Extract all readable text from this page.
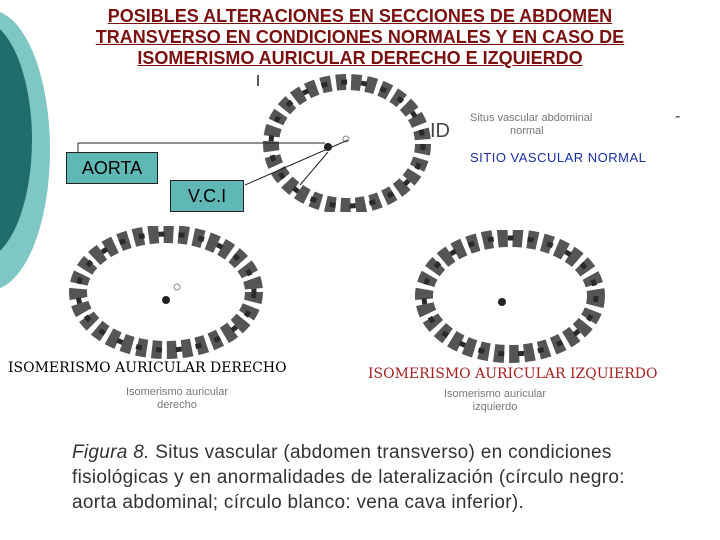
POSIBLES ALTERACIONES EN SECCIONES DE ABDOMEN
TRANSVERSO EN CONDICIONES NORMALES Y EN CASO DE
ISOMERISMO AURICULAR DERECHO E IZQUIERDO
AORTA
V.C.I
ID
Situs vascular abdominal
normal
-
SITIO VASCULAR NORMAL
ISOMERISMO AURICULAR DERECHO	ISOMERISMO AURICULAR IZQUIERDO
Isomerismo auricular
derecho
Isomerismo auricular
izquierdo
Figura 8. Situs vascular (abdomen transverso) en condiciones fisiológicas y en anormalidades de lateralización (círculo negro: aorta abdominal; círculo blanco: vena cava inferior).
